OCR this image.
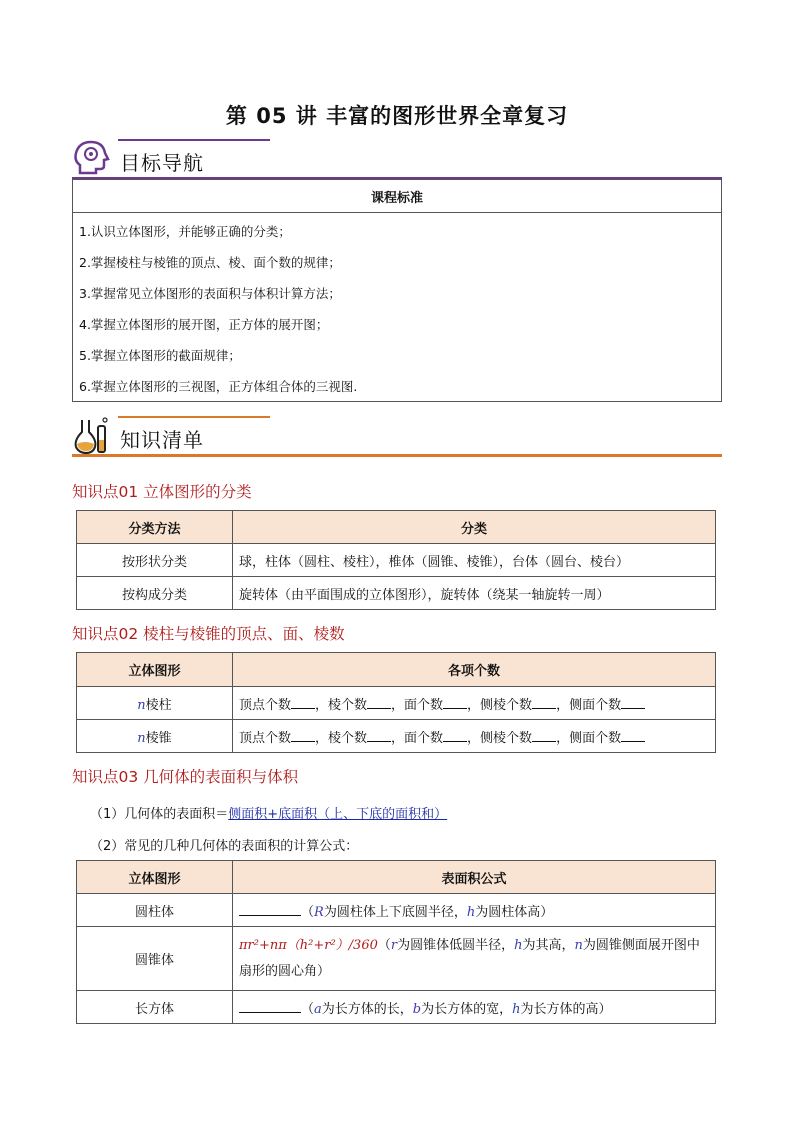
第 05 讲 丰富的图形世界全章复习
目标导航
课程标准
1.认识立体图形，并能够正确的分类；
2.掌握棱柱与棱锥的顶点、棱、面个数的规律；
3.掌握常见立体图形的表面积与体积计算方法；
4.掌握立体图形的展开图，正方体的展开图；
5.掌握立体图形的截面规律；
6.掌握立体图形的三视图，正方体组合体的三视图.
知识清单
知识点01 立体图形的分类
分类方法	分类
按形状分类	球，柱体（圆柱、棱柱），椎体（圆锥、棱锥），台体（圆台、棱台）
按构成分类	旋转体（由平面围成的立体图形），旋转体（绕某一轴旋转一周）
知识点02 棱柱与棱锥的顶点、面、棱数
立体图形	各项个数
n棱柱	顶点个数 ，棱个数 ，面个数 ，侧棱个数 ，侧面个数
n棱锥	顶点个数 ，棱个数 ，面个数 ，侧棱个数 ，侧面个数
知识点03 几何体的表面积与体积
（1）几何体的表面积＝侧面积+底面积（上、下底的面积和）
（2）常见的几种几何体的表面积的计算公式：
立体图形	表面积公式
圆柱体	（R为圆柱体上下底圆半径，h为圆柱体高）
圆锥体	πr²+nπ（h²+r²）/360（r为圆锥体低圆半径，h为其高，n为圆锥侧面展开图中扇形的圆心角）
长方体	（a为长方体的长，b为长方体的宽，h为长方体的高）
